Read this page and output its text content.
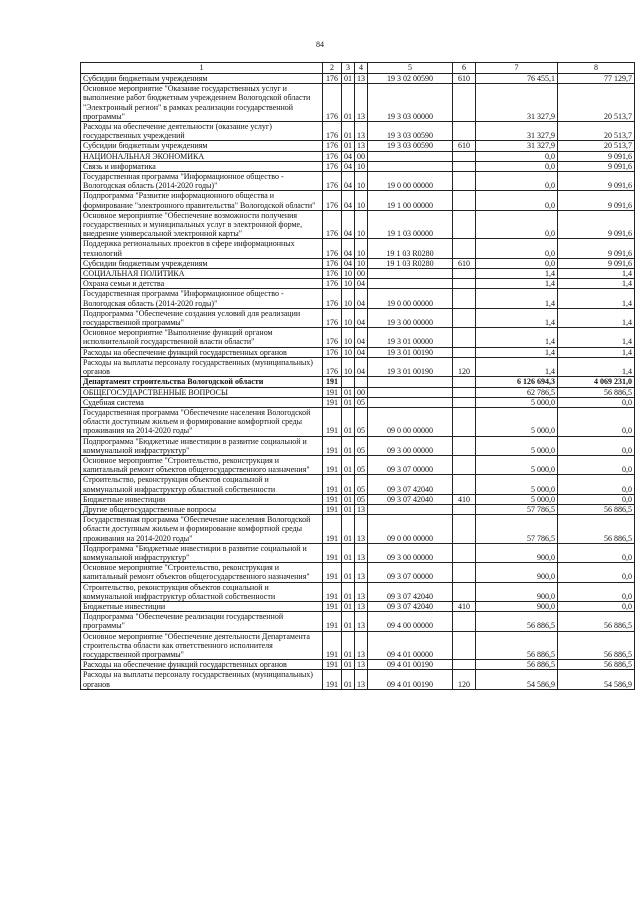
84
1	2	3	4	5	6	7	8
Субсидии бюджетным учреждениям	176	01	13	19 3 02 00590	610	76 455,1	77 129,7
Основное мероприятие "Оказание государственных услуг и выполнение работ бюджетным учреждением Вологодской области "Электронный регион" в рамках реализации государственной программы"	176	01	13	19 3 03 00000		31 327,9	20 513,7
Расходы на обеспечение деятельности (оказание услуг) государственных учреждений	176	01	13	19 3 03 00590		31 327,9	20 513,7
Субсидии бюджетным учреждениям	176	01	13	19 3 03 00590	610	31 327,9	20 513,7
НАЦИОНАЛЬНАЯ ЭКОНОМИКА	176	04	00			0,0	9 091,6
Связь и информатика	176	04	10			0,0	9 091,6
Государственная программа "Информационное общество - Вологодская область (2014-2020 годы)"	176	04	10	19 0 00 00000		0,0	9 091,6
Подпрограмма "Развитие информационного общества и формирование "электронного правительства" Вологодской области"	176	04	10	19 1 00 00000		0,0	9 091,6
Основное мероприятие "Обеспечение возможности получения государственных и муниципальных услуг в электронной форме, внедрение универсальной электронной карты"	176	04	10	19 1 03 00000		0,0	9 091,6
Поддержка региональных проектов в сфере информационных технологий	176	04	10	19 1 03 R0280		0,0	9 091,6
Субсидии бюджетным учреждениям	176	04	10	19 1 03 R0280	610	0,0	9 091,6
СОЦИАЛЬНАЯ ПОЛИТИКА	176	10	00			1,4	1,4
Охрана семьи и детства	176	10	04			1,4	1,4
Государственная программа "Информационное общество - Вологодская область (2014-2020 годы)"	176	10	04	19 0 00 00000		1,4	1,4
Подпрограмма "Обеспечение создания условий для реализации государственной программы"	176	10	04	19 3 00 00000		1,4	1,4
Основное мероприятие "Выполнение функций органом исполнительной государственной власти области"	176	10	04	19 3 01 00000		1,4	1,4
Расходы на обеспечение функций государственных органов	176	10	04	19 3 01 00190		1,4	1,4
Расходы на выплаты персоналу государственных (муниципальных) органов	176	10	04	19 3 01 00190	120	1,4	1,4
Департамент строительства Вологодской области	191					6 126 694,3	4 069 231,0
ОБЩЕГОСУДАРСТВЕННЫЕ ВОПРОСЫ	191	01	00			62 786,5	56 886,5
Судебная система	191	01	05			5 000,0	0,0
Государственная программа "Обеспечение населения Вологодской области доступным жильем и формирование комфортной среды проживания на 2014-2020 годы"	191	01	05	09 0 00 00000		5 000,0	0,0
Подпрограмма "Бюджетные инвестиции в развитие социальной и коммунальной инфраструктур"	191	01	05	09 3 00 00000		5 000,0	0,0
Основное мероприятие "Строительство, реконструкция и капитальный ремонт объектов общегосударственного назначения"	191	01	05	09 3 07 00000		5 000,0	0,0
Строительство, реконструкция объектов социальной и коммунальной инфраструктур областной собственности	191	01	05	09 3 07 42040		5 000,0	0,0
Бюджетные инвестиции	191	01	05	09 3 07 42040	410	5 000,0	0,0
Другие общегосударственные вопросы	191	01	13			57 786,5	56 886,5
Государственная программа "Обеспечение населения Вологодской области доступным жильем и формирование комфортной среды проживания на 2014-2020 годы"	191	01	13	09 0 00 00000		57 786,5	56 886,5
Подпрограмма "Бюджетные инвестиции в развитие социальной и коммунальной инфраструктур"	191	01	13	09 3 00 00000		900,0	0,0
Основное мероприятие "Строительство, реконструкция и капитальный ремонт объектов общегосударственного назначения"	191	01	13	09 3 07 00000		900,0	0,0
Строительство, реконструкция объектов социальной и коммунальной инфраструктур областной собственности	191	01	13	09 3 07 42040		900,0	0,0
Бюджетные инвестиции	191	01	13	09 3 07 42040	410	900,0	0,0
Подпрограмма "Обеспечение реализации государственной программы"	191	01	13	09 4 00 00000		56 886,5	56 886,5
Основное мероприятие "Обеспечение деятельности Департамента строительства области как ответственного исполнителя государственной программы"	191	01	13	09 4 01 00000		56 886,5	56 886,5
Расходы на обеспечение функций государственных органов	191	01	13	09 4 01 00190		56 886,5	56 886,5
Расходы на выплаты персоналу государственных (муниципальных) органов	191	01	13	09 4 01 00190	120	54 586,9	54 586,9
